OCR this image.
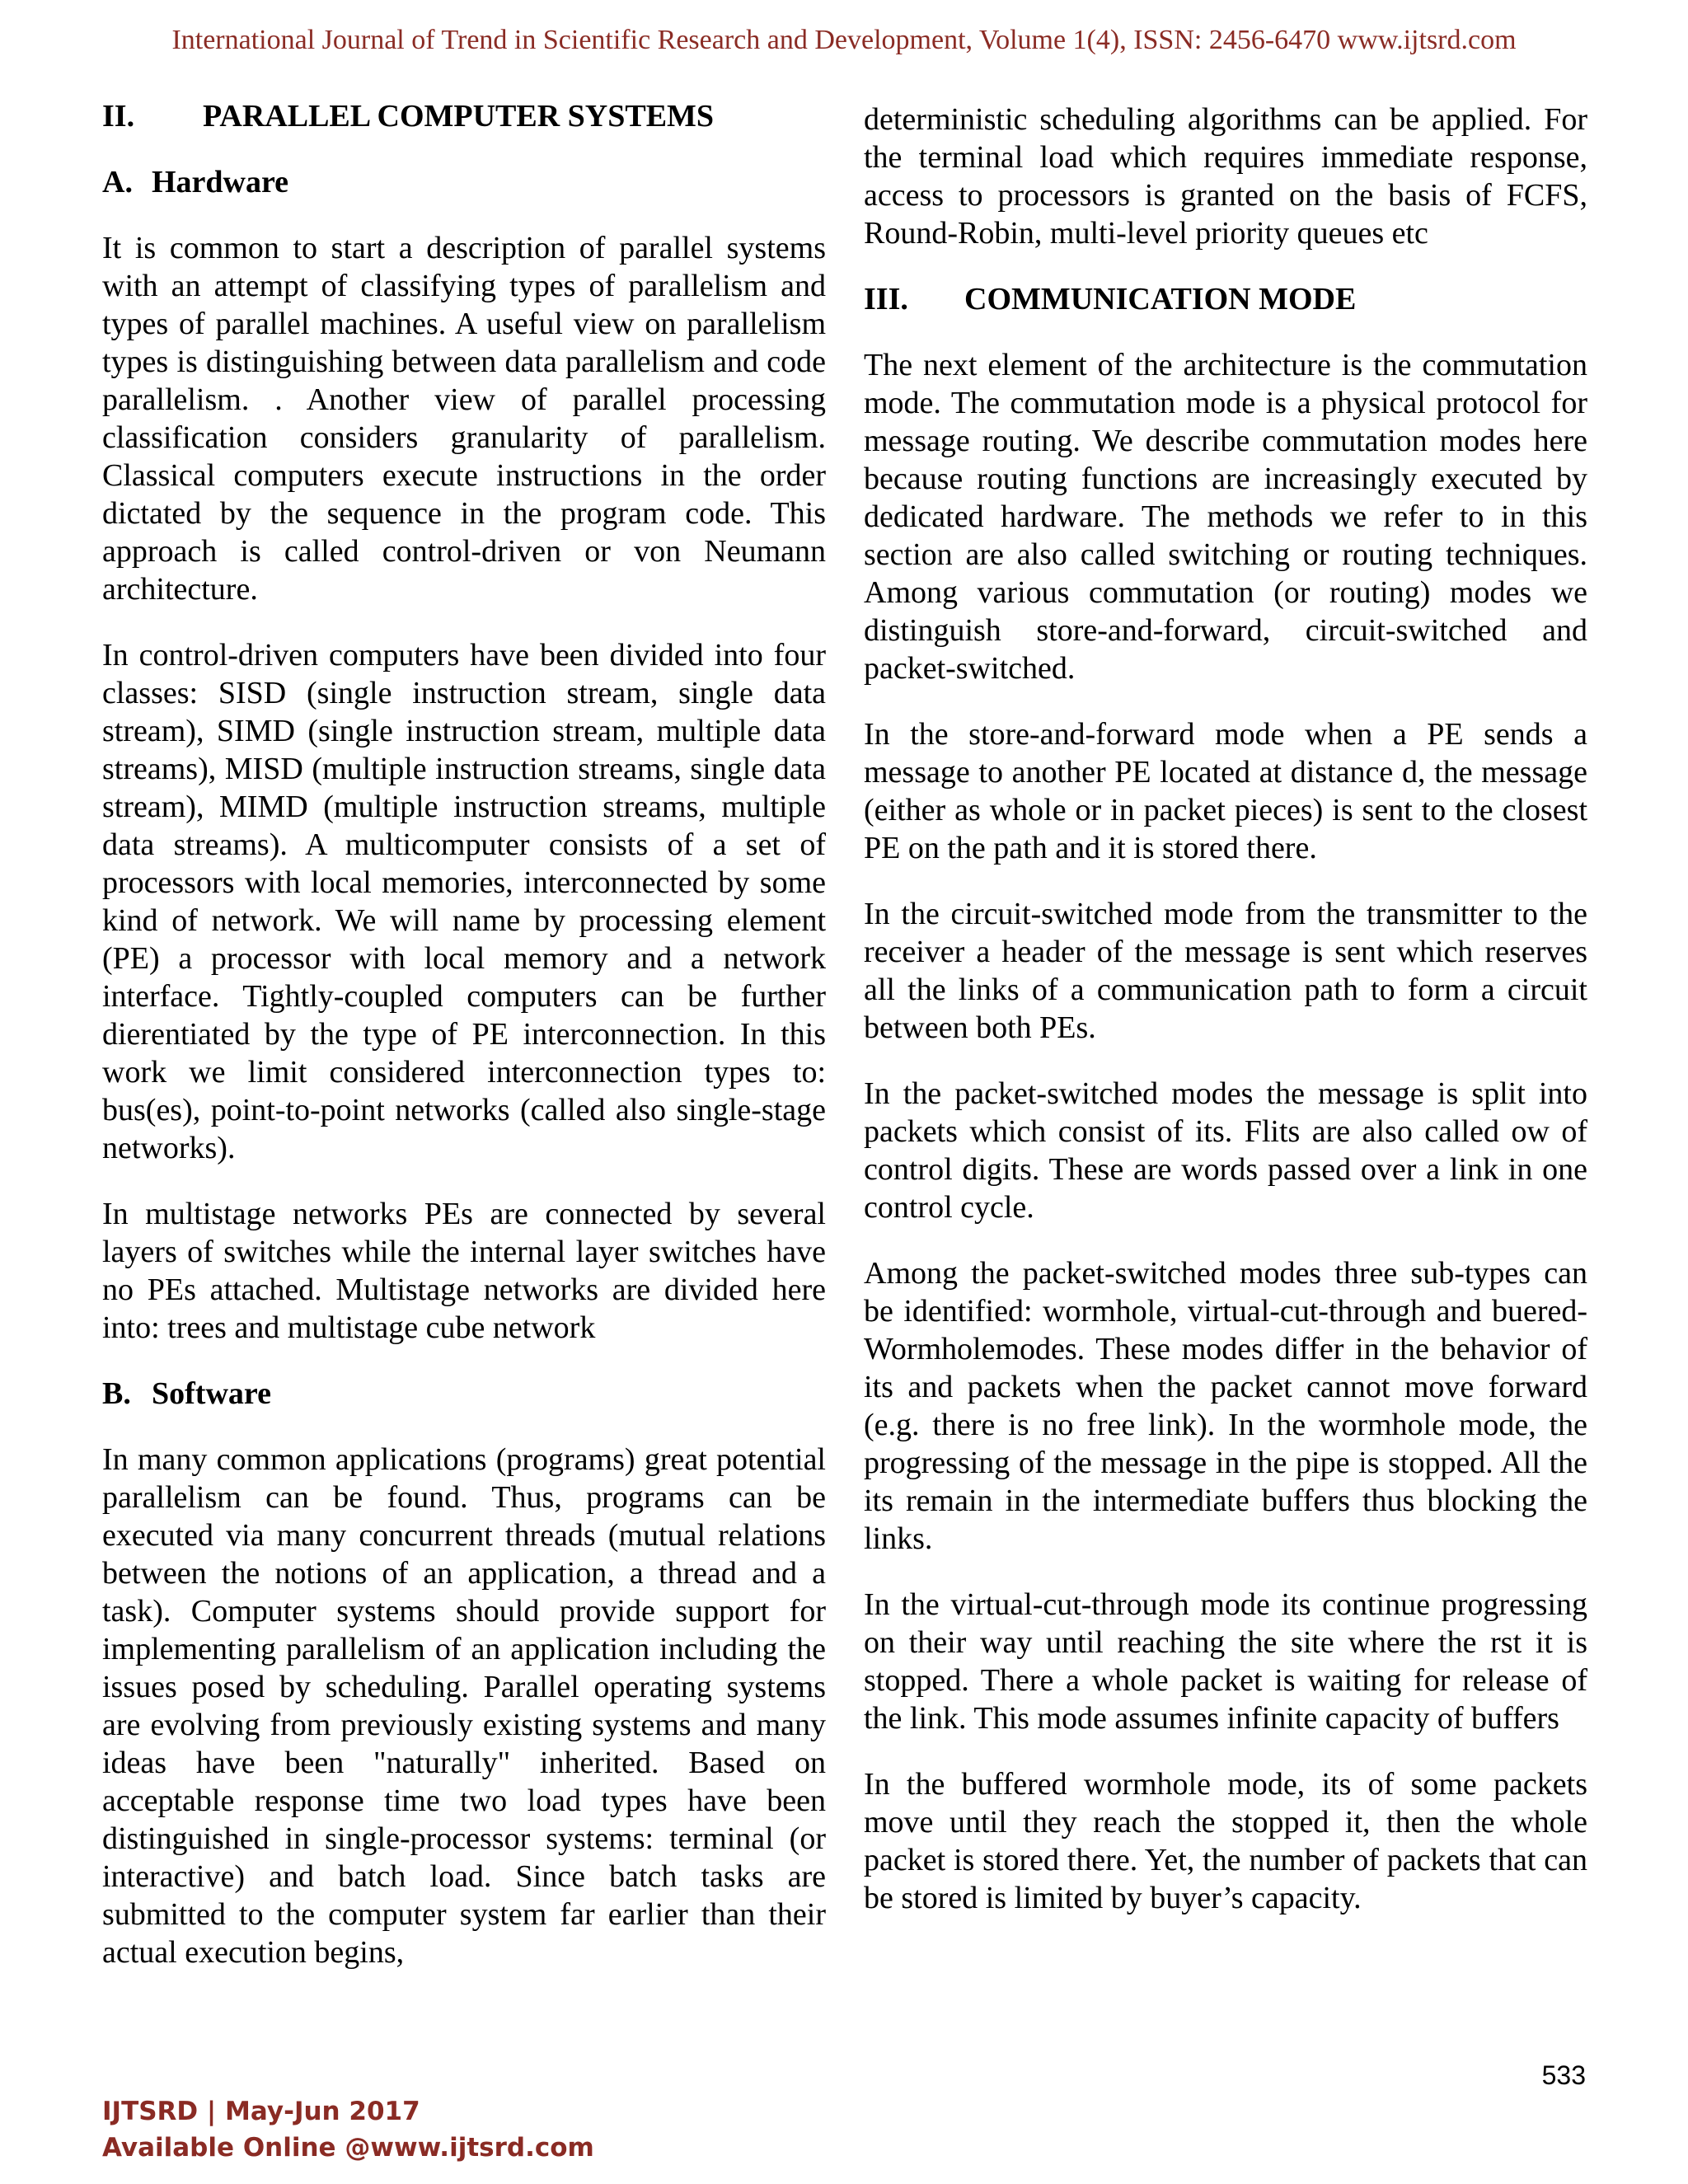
International Journal of Trend in Scientific Research and Development, Volume 1(4), ISSN: 2456-6470 www.ijtsrd.com
II. PARALLEL COMPUTER SYSTEMS
A. Hardware

It is common to start a description of parallel systems with an attempt of classifying types of parallelism and types of parallel machines. A useful view on parallelism types is distinguishing between data parallelism and code parallelism. . Another view of parallel processing classification considers granularity of parallelism. Classical computers execute instructions in the order dictated by the sequence in the program code. This approach is called control-driven or von Neumann architecture.

In control-driven computers have been divided into four classes: SISD (single instruction stream, single data stream), SIMD (single instruction stream, multiple data streams), MISD (multiple instruction streams, single data stream), MIMD (multiple instruction streams, multiple data streams). A multicomputer consists of a set of processors with local memories, interconnected by some kind of network. We will name by processing element (PE) a processor with local memory and a network interface. Tightly-coupled computers can be further dierentiated by the type of PE interconnection. In this work we limit considered interconnection types to: bus(es), point-to-point networks (called also single-stage networks).

In multistage networks PEs are connected by several layers of switches while the internal layer switches have no PEs attached. Multistage networks are divided here into: trees and multistage cube network

B. Software

In many common applications (programs) great potential parallelism can be found. Thus, programs can be executed via many concurrent threads (mutual relations between the notions of an application, a thread and a task). Computer systems should provide support for implementing parallelism of an application including the issues posed by scheduling. Parallel operating systems are evolving from previously existing systems and many ideas have been "naturally" inherited. Based on acceptable response time two load types have been distinguished in single-processor systems: terminal (or interactive) and batch load. Since batch tasks are submitted to the computer system far earlier than their actual execution begins,

deterministic scheduling algorithms can be applied. For the terminal load which requires immediate response, access to processors is granted on the basis of FCFS, Round-Robin, multi-level priority queues etc

III. COMMUNICATION MODE

The next element of the architecture is the commutation mode. The commutation mode is a physical protocol for message routing. We describe commutation modes here because routing functions are increasingly executed by dedicated hardware. The methods we refer to in this section are also called switching or routing techniques. Among various commutation (or routing) modes we distinguish store-and-forward, circuit-switched and packet-switched.

In the store-and-forward mode when a PE sends a message to another PE located at distance d, the message (either as whole or in packet pieces) is sent to the closest PE on the path and it is stored there.

In the circuit-switched mode from the transmitter to the receiver a header of the message is sent which reserves all the links of a communication path to form a circuit between both PEs.

In the packet-switched modes the message is split into packets which consist of its. Flits are also called ow of control digits. These are words passed over a link in one control cycle.

Among the packet-switched modes three sub-types can be identified: wormhole, virtual-cut-through and buered-Wormholemodes. These modes differ in the behavior of its and packets when the packet cannot move forward (e.g. there is no free link). In the wormhole mode, the progressing of the message in the pipe is stopped. All the its remain in the intermediate buffers thus blocking the links.

In the virtual-cut-through mode its continue progressing on their way until reaching the site where the rst it is stopped. There a whole packet is waiting for release of the link. This mode assumes infinite capacity of buffers

In the buffered wormhole mode, its of some packets move until they reach the stopped it, then the whole packet is stored there. Yet, the number of packets that can be stored is limited by buyer’s capacity.

533
IJTSRD | May-Jun 2017
Available Online @www.ijtsrd.com
